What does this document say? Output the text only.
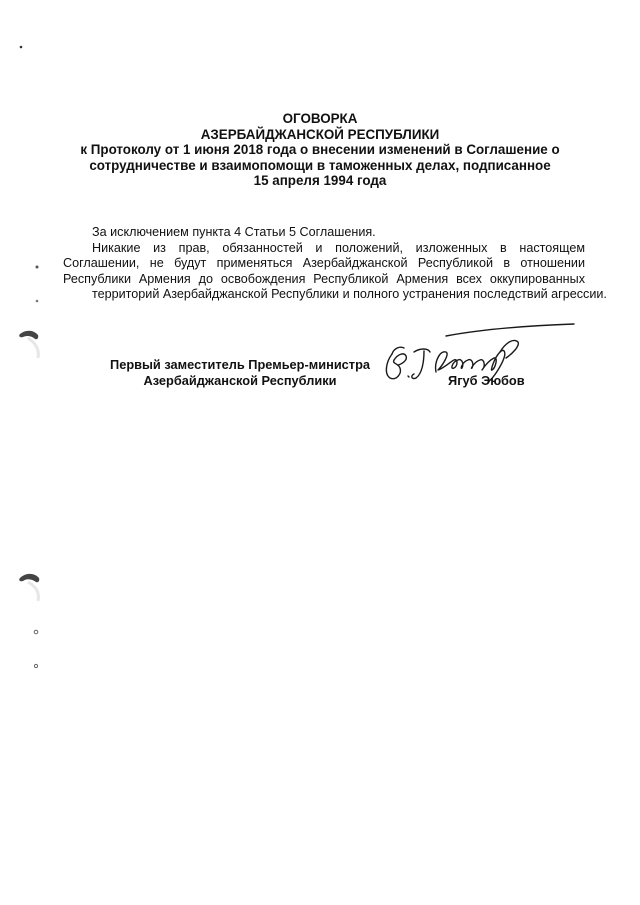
ОГОВОРКА
АЗЕРБАЙДЖАНСКОЙ РЕСПУБЛИКИ
к Протоколу от 1 июня 2018 года о внесении изменений в Соглашение о
сотрудничестве и взаимопомощи в таможенных делах, подписанное
15 апреля 1994 года
За исключением пункта 4 Статьи 5 Соглашения.
Никакие из прав, обязанностей и положений, изложенных в настоящем
Соглашении, не будут применяться Азербайджанской Республикой в отношении
Республики Армения до освобождения Республикой Армения всех оккупированных
территорий Азербайджанской Республики и полного устранения последствий агрессии.
Первый заместитель Премьер-министра
Азербайджанской Республики	Ягуб Эюбов
